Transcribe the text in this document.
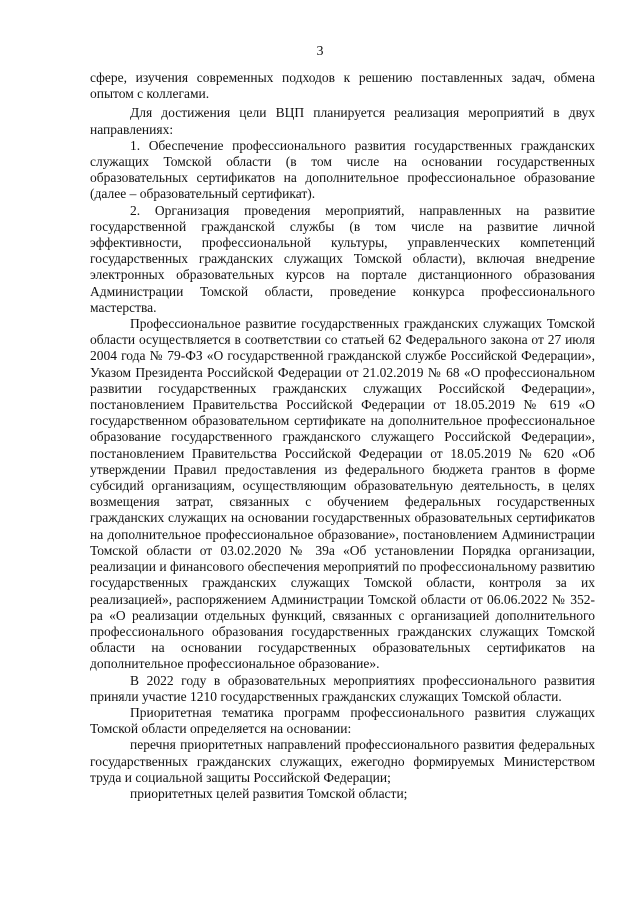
3

сфере, изучения современных подходов к решению поставленных задач, обмена опытом с коллегами.

Для достижения цели ВЦП планируется реализация мероприятий в двух направлениях:

1. Обеспечение профессионального развития государственных гражданских служащих Томской области (в том числе на основании государственных образовательных сертификатов на дополнительное профессиональное образование (далее – образовательный сертификат).

2. Организация проведения мероприятий, направленных на развитие государственной гражданской службы (в том числе на развитие личной эффективности, профессиональной культуры, управленческих компетенций государственных гражданских служащих Томской области), включая внедрение электронных образовательных курсов на портале дистанционного образования Администрации Томской области, проведение конкурса профессионального мастерства.

Профессиональное развитие государственных гражданских служащих Томской области осуществляется в соответствии со статьей 62 Федерального закона от 27 июля 2004 года № 79-ФЗ «О государственной гражданской службе Российской Федерации», Указом Президента Российской Федерации от 21.02.2019 № 68 «О профессиональном развитии государственных гражданских служащих Российской Федерации», постановлением Правительства Российской Федерации от 18.05.2019 № 619 «О государственном образовательном сертификате на дополнительное профессиональное образование государственного гражданского служащего Российской Федерации», постановлением Правительства Российской Федерации от 18.05.2019 № 620 «Об утверждении Правил предоставления из федерального бюджета грантов в форме субсидий организациям, осуществляющим образовательную деятельность, в целях возмещения затрат, связанных с обучением федеральных государственных гражданских служащих на основании государственных образовательных сертификатов на дополнительное профессиональное образование», постановлением Администрации Томской области от 03.02.2020 № 39а «Об установлении Порядка организации, реализации и финансового обеспечения мероприятий по профессиональному развитию государственных гражданских служащих Томской области, контроля за их реализацией», распоряжением Администрации Томской области от 06.06.2022 № 352-ра «О реализации отдельных функций, связанных с организацией дополнительного профессионального образования государственных гражданских служащих Томской области на основании государственных образовательных сертификатов на дополнительное профессиональное образование».

В 2022 году в образовательных мероприятиях профессионального развития приняли участие 1210 государственных гражданских служащих Томской области.

Приоритетная тематика программ профессионального развития служащих Томской области определяется на основании:

перечня приоритетных направлений профессионального развития федеральных государственных гражданских служащих, ежегодно формируемых Министерством труда и социальной защиты Российской Федерации;

приоритетных целей развития Томской области;
